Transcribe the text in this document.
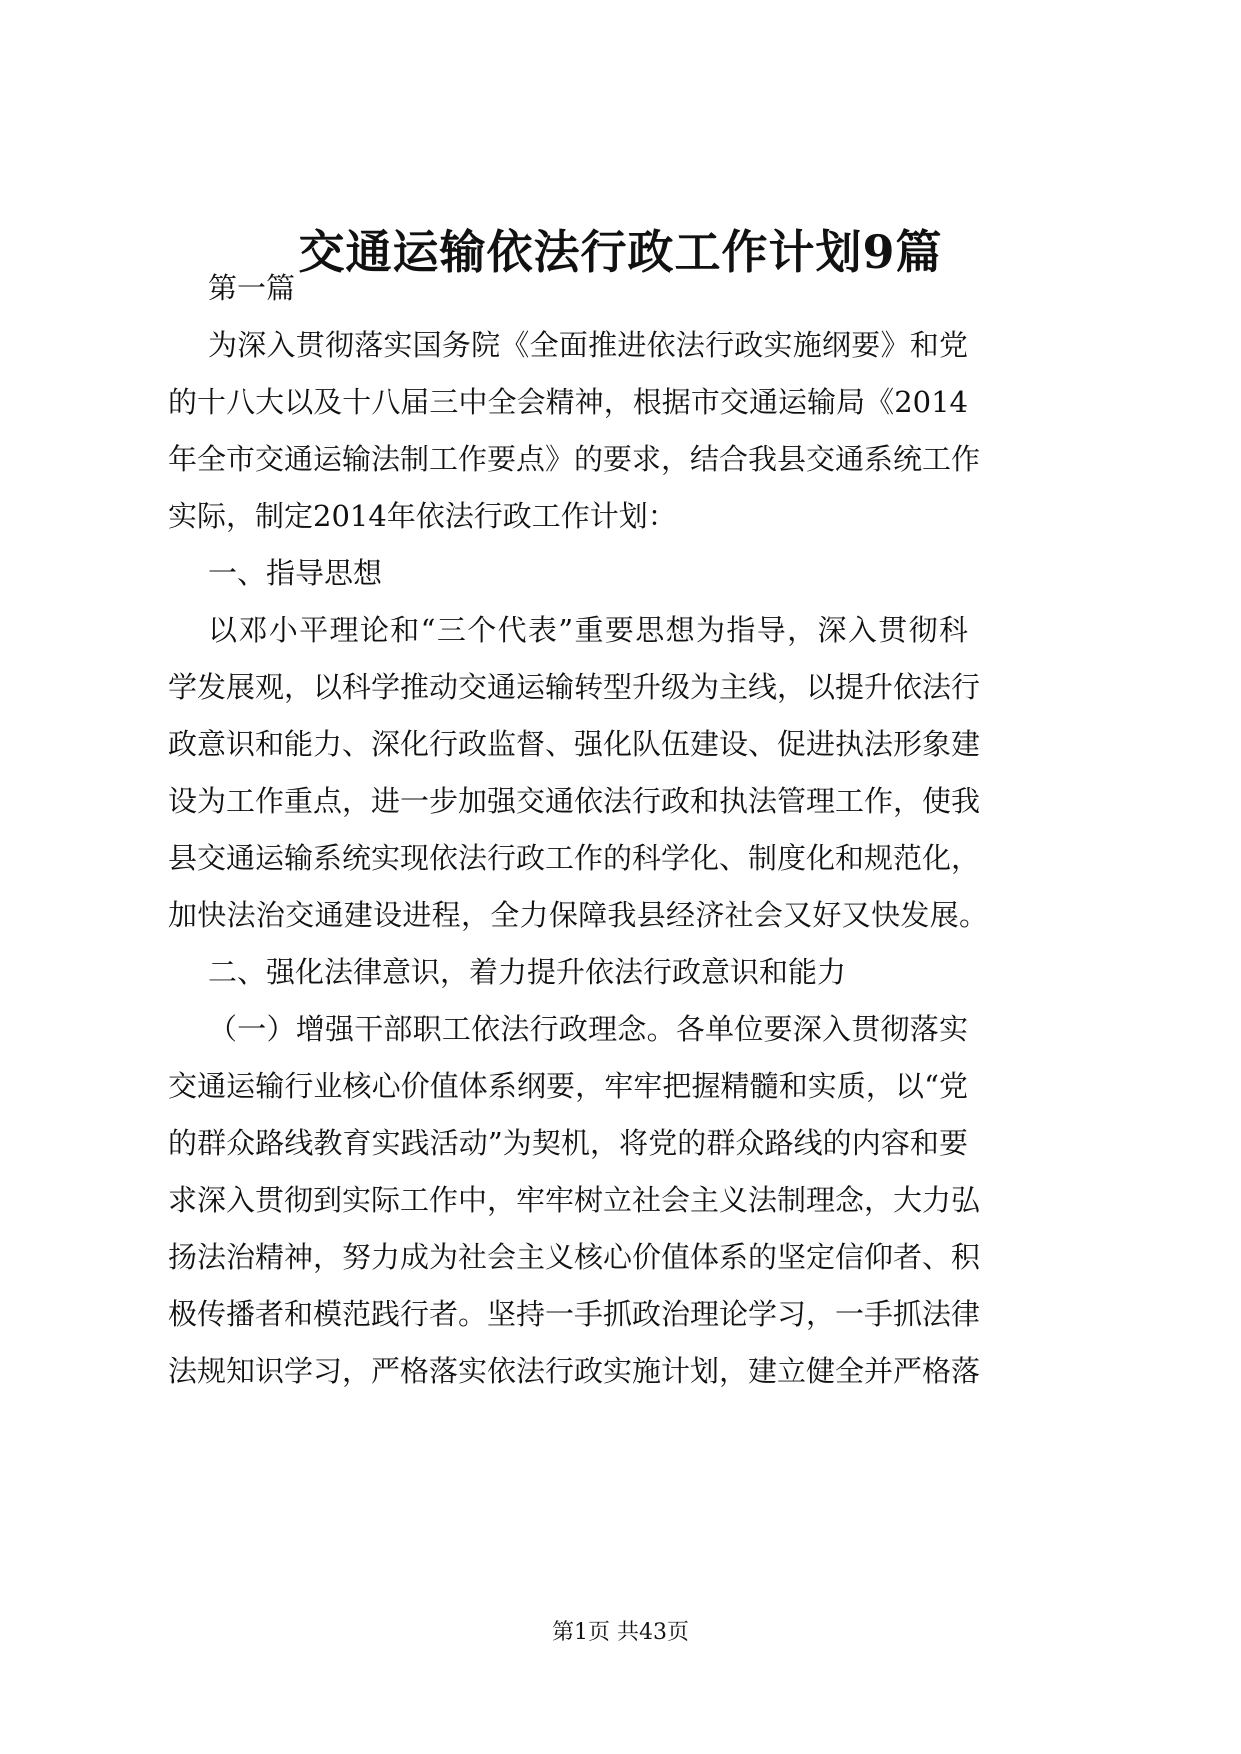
交通运输依法行政工作计划9篇
第一篇
为深入贯彻落实国务院《全面推进依法行政实施纲要》和党
的十八大以及十八届三中全会精神，根据市交通运输局《2014
年全市交通运输法制工作要点》的要求，结合我县交通系统工作
实际，制定2014年依法行政工作计划：
一、指导思想
以邓小平理论和“三个代表”重要思想为指导，深入贯彻科
学发展观，以科学推动交通运输转型升级为主线，以提升依法行
政意识和能力、深化行政监督、强化队伍建设、促进执法形象建
设为工作重点，进一步加强交通依法行政和执法管理工作，使我
县交通运输系统实现依法行政工作的科学化、制度化和规范化，
加快法治交通建设进程，全力保障我县经济社会又好又快发展。
二、强化法律意识，着力提升依法行政意识和能力
（一）增强干部职工依法行政理念。各单位要深入贯彻落实
交通运输行业核心价值体系纲要，牢牢把握精髓和实质，以“党
的群众路线教育实践活动”为契机，将党的群众路线的内容和要
求深入贯彻到实际工作中，牢牢树立社会主义法制理念，大力弘
扬法治精神，努力成为社会主义核心价值体系的坚定信仰者、积
极传播者和模范践行者。坚持一手抓政治理论学习，一手抓法律
法规知识学习，严格落实依法行政实施计划，建立健全并严格落
第1页 共43页
